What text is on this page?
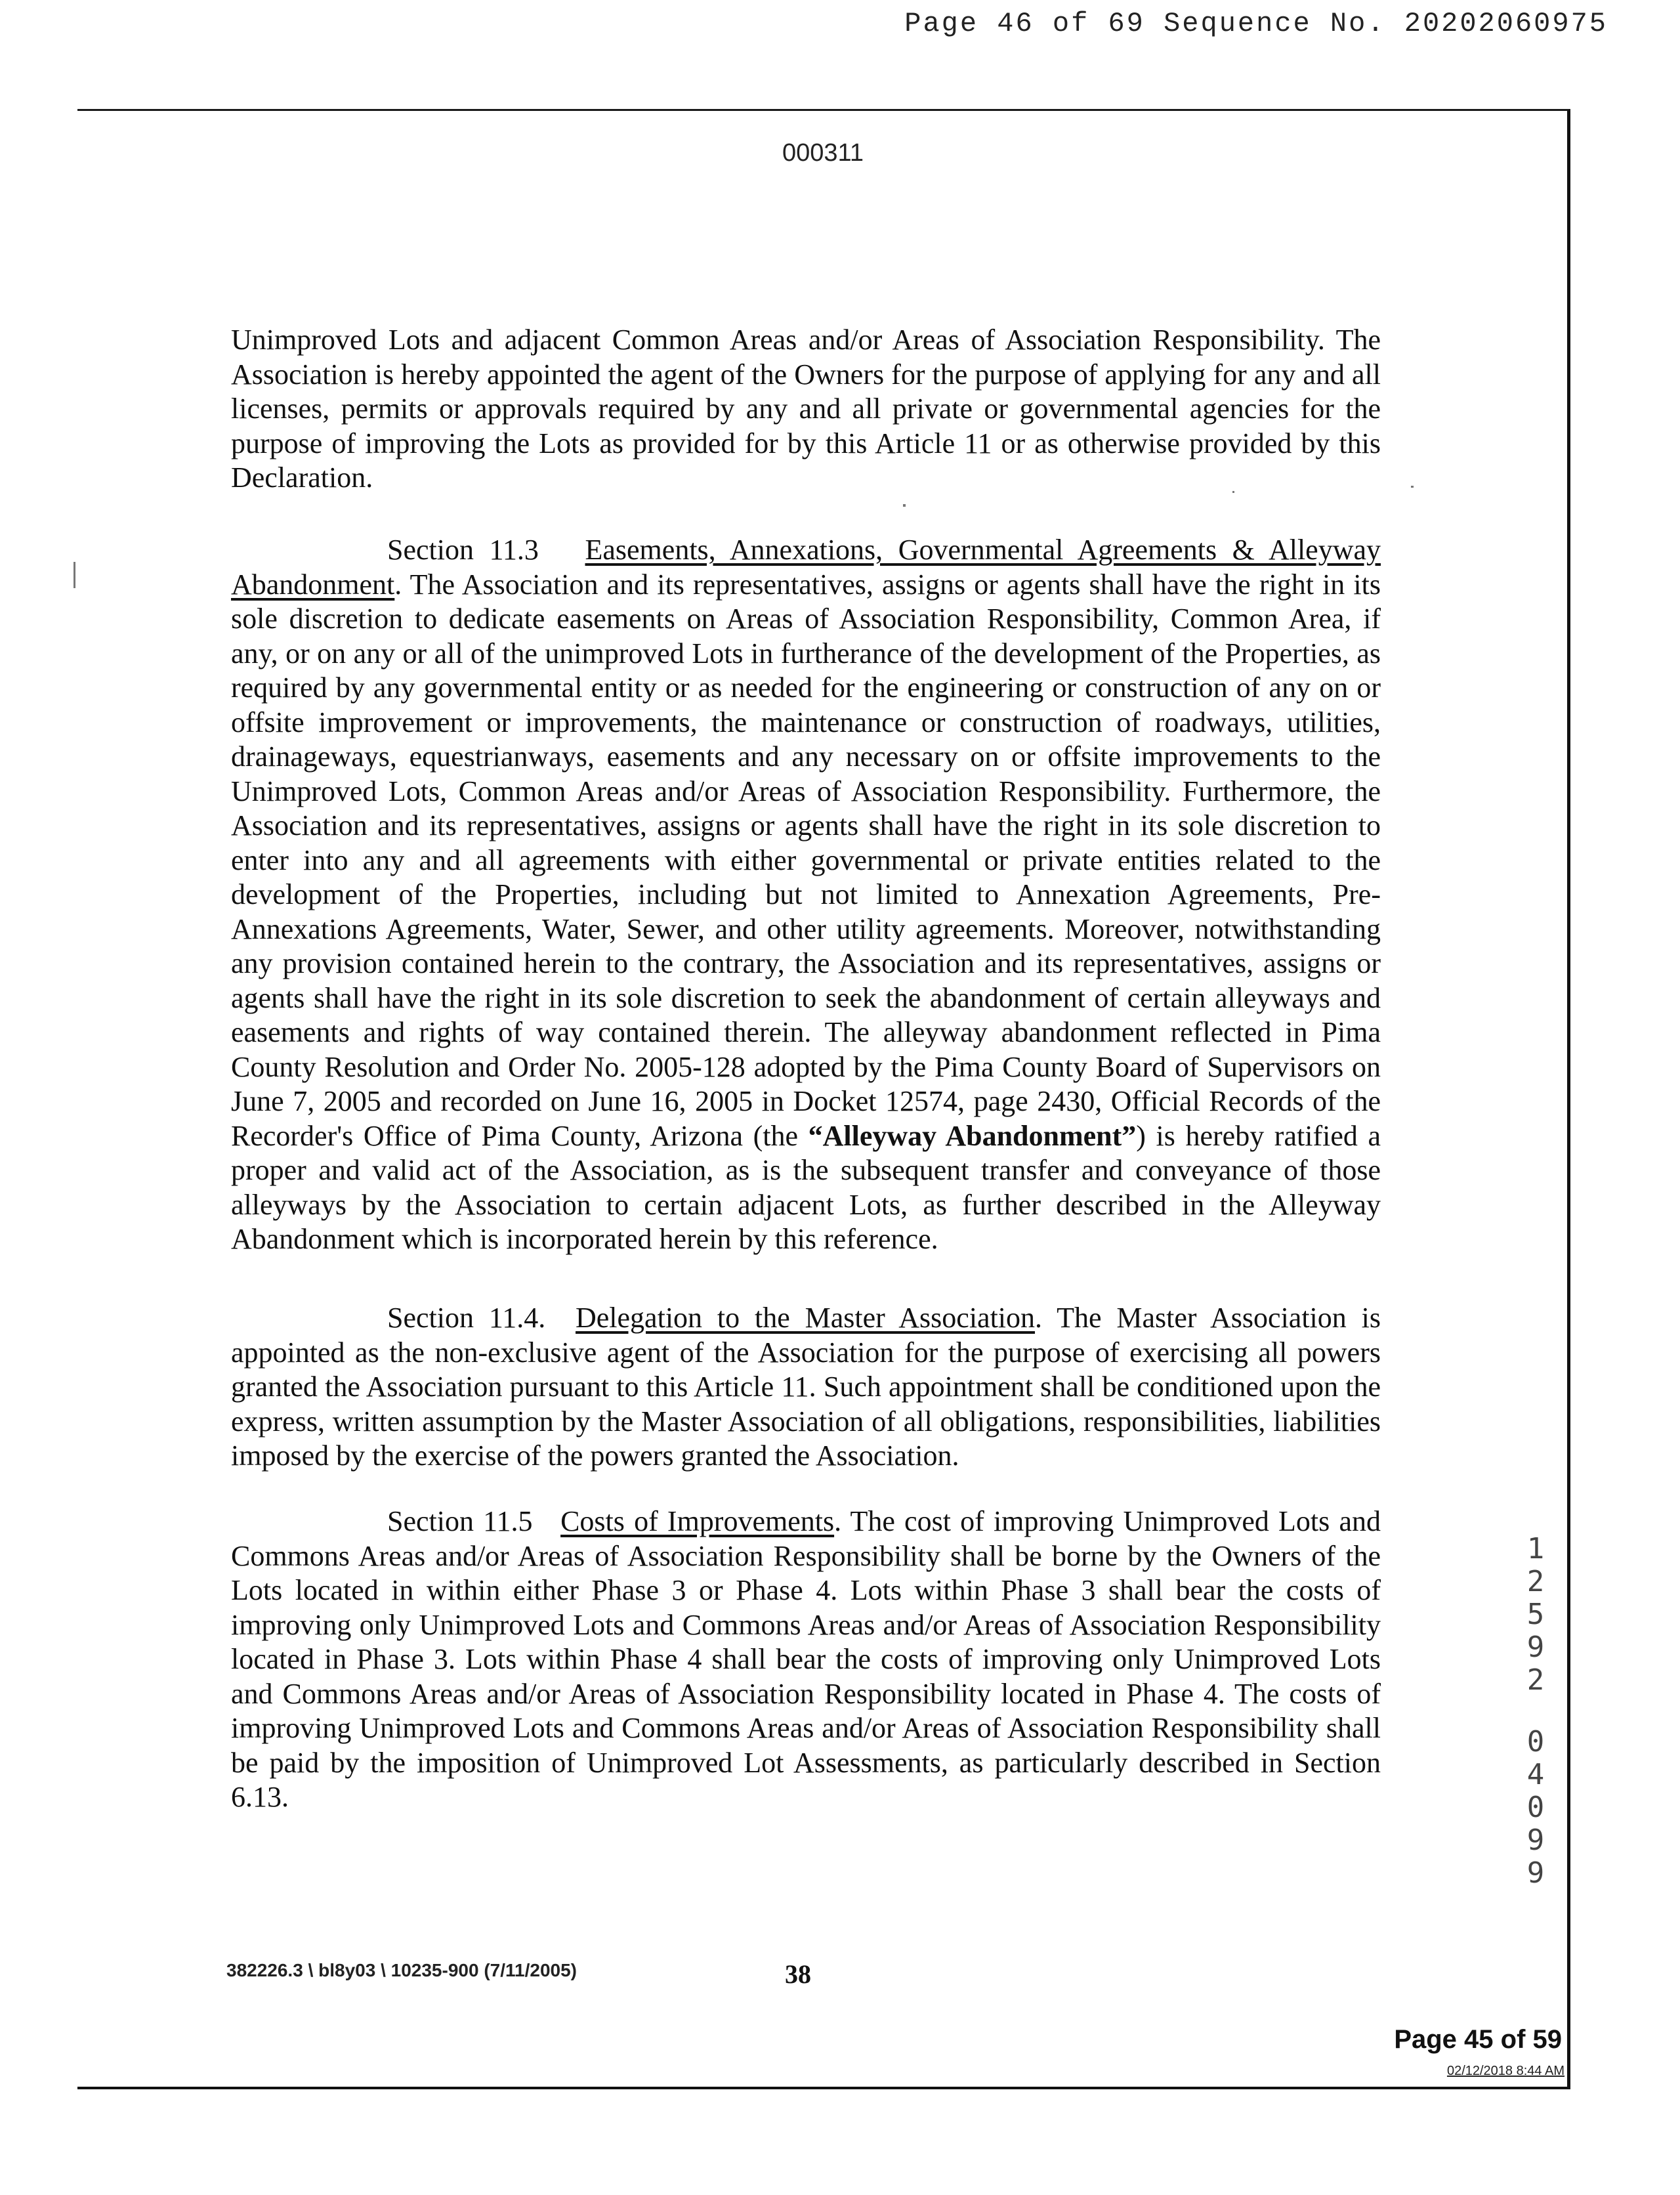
Page 46 of 69 Sequence No. 20202060975
000311

Unimproved Lots and adjacent Common Areas and/or Areas of Association Responsibility. The Association is hereby appointed the agent of the Owners for the purpose of applying for any and all licenses, permits or approvals required by any and all private or governmental agencies for the purpose of improving the Lots as provided for by this Article 11 or as otherwise provided by this Declaration.

Section 11.3 Easements, Annexations, Governmental Agreements & Alleyway Abandonment. The Association and its representatives, assigns or agents shall have the right in its sole discretion to dedicate easements on Areas of Association Responsibility, Common Area, if any, or on any or all of the unimproved Lots in furtherance of the development of the Properties, as required by any governmental entity or as needed for the engineering or construction of any on or offsite improvement or improvements, the maintenance or construction of roadways, utilities, drainageways, equestrianways, easements and any necessary on or offsite improvements to the Unimproved Lots, Common Areas and/or Areas of Association Responsibility. Furthermore, the Association and its representatives, assigns or agents shall have the right in its sole discretion to enter into any and all agreements with either governmental or private entities related to the development of the Properties, including but not limited to Annexation Agreements, Pre-Annexations Agreements, Water, Sewer, and other utility agreements. Moreover, notwithstanding any provision contained herein to the contrary, the Association and its representatives, assigns or agents shall have the right in its sole discretion to seek the abandonment of certain alleyways and easements and rights of way contained therein. The alleyway abandonment reflected in Pima County Resolution and Order No. 2005-128 adopted by the Pima County Board of Supervisors on June 7, 2005 and recorded on June 16, 2005 in Docket 12574, page 2430, Official Records of the Recorder's Office of Pima County, Arizona (the “Alleyway Abandonment”) is hereby ratified a proper and valid act of the Association, as is the subsequent transfer and conveyance of those alleyways by the Association to certain adjacent Lots, as further described in the Alleyway Abandonment which is incorporated herein by this reference.

Section 11.4. Delegation to the Master Association. The Master Association is appointed as the non-exclusive agent of the Association for the purpose of exercising all powers granted the Association pursuant to this Article 11. Such appointment shall be conditioned upon the express, written assumption by the Master Association of all obligations, responsibilities, liabilities imposed by the exercise of the powers granted the Association.

Section 11.5 Costs of Improvements. The cost of improving Unimproved Lots and Commons Areas and/or Areas of Association Responsibility shall be borne by the Owners of the Lots located in within either Phase 3 or Phase 4. Lots within Phase 3 shall bear the costs of improving only Unimproved Lots and Commons Areas and/or Areas of Association Responsibility located in Phase 3. Lots within Phase 4 shall bear the costs of improving only Unimproved Lots and Commons Areas and/or Areas of Association Responsibility located in Phase 4. The costs of improving Unimproved Lots and Commons Areas and/or Areas of Association Responsibility shall be paid by the imposition of Unimproved Lot Assessments, as particularly described in Section 6.13.

1
2
5
9
2
0
4
0
9
9
382226.3 \ bl8y03 \ 10235-900 (7/11/2005)	38
Page 45 of 59
02/12/2018 8:44 AM
